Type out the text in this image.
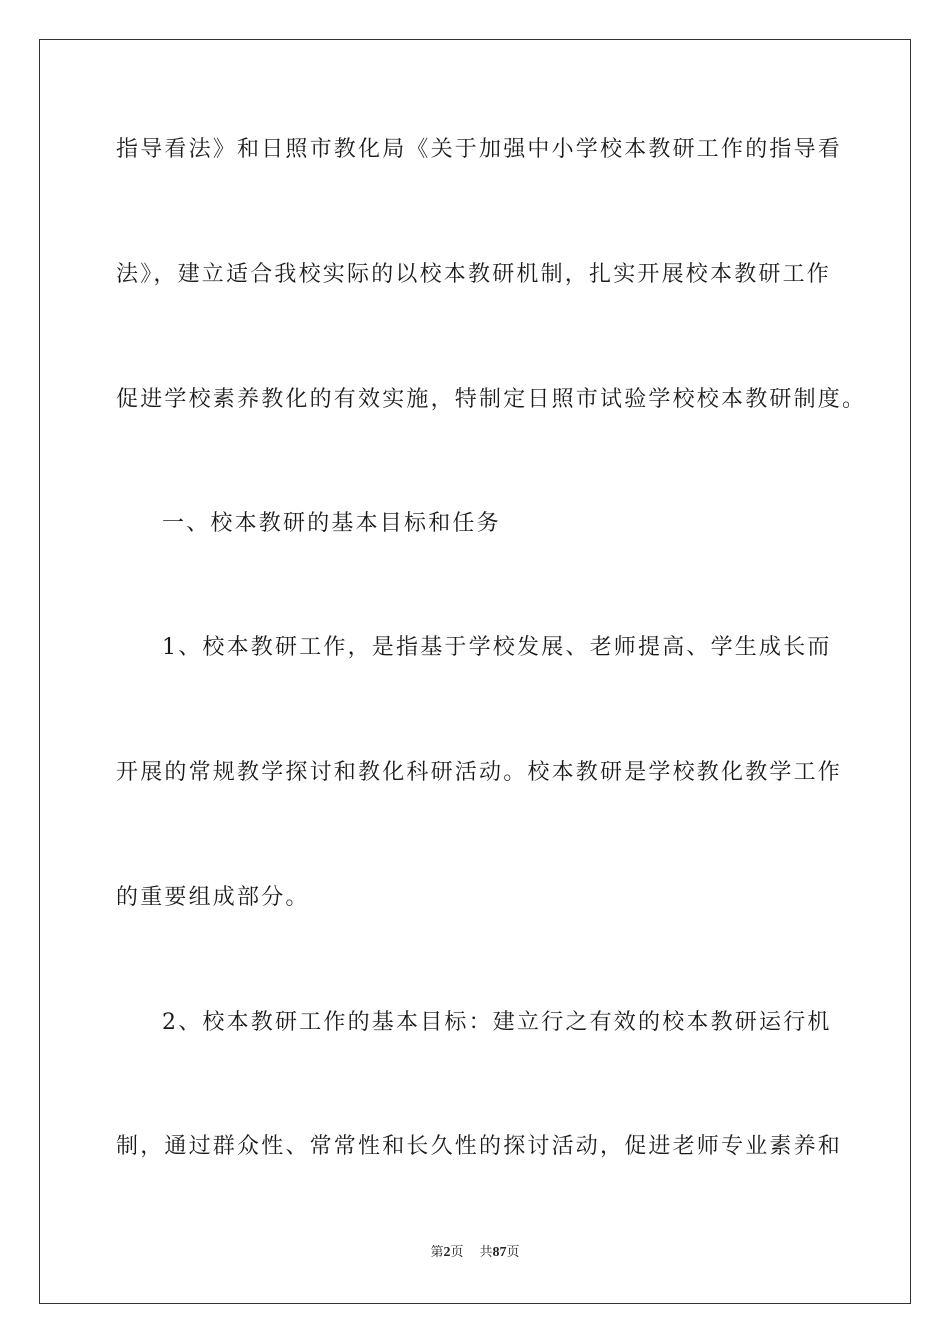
指导看法》和日照市教化局《关于加强中小学校本教研工作的指导看
法》，建立适合我校实际的以校本教研机制，扎实开展校本教研工作
促进学校素养教化的有效实施，特制定日照市试验学校校本教研制度。
一、校本教研的基本目标和任务
1、校本教研工作，是指基于学校发展、老师提高、学生成长而
开展的常规教学探讨和教化科研活动。校本教研是学校教化教学工作
的重要组成部分。
2、校本教研工作的基本目标：建立行之有效的校本教研运行机
制，通过群众性、常常性和长久性的探讨活动，促进老师专业素养和
第2页 共87页
